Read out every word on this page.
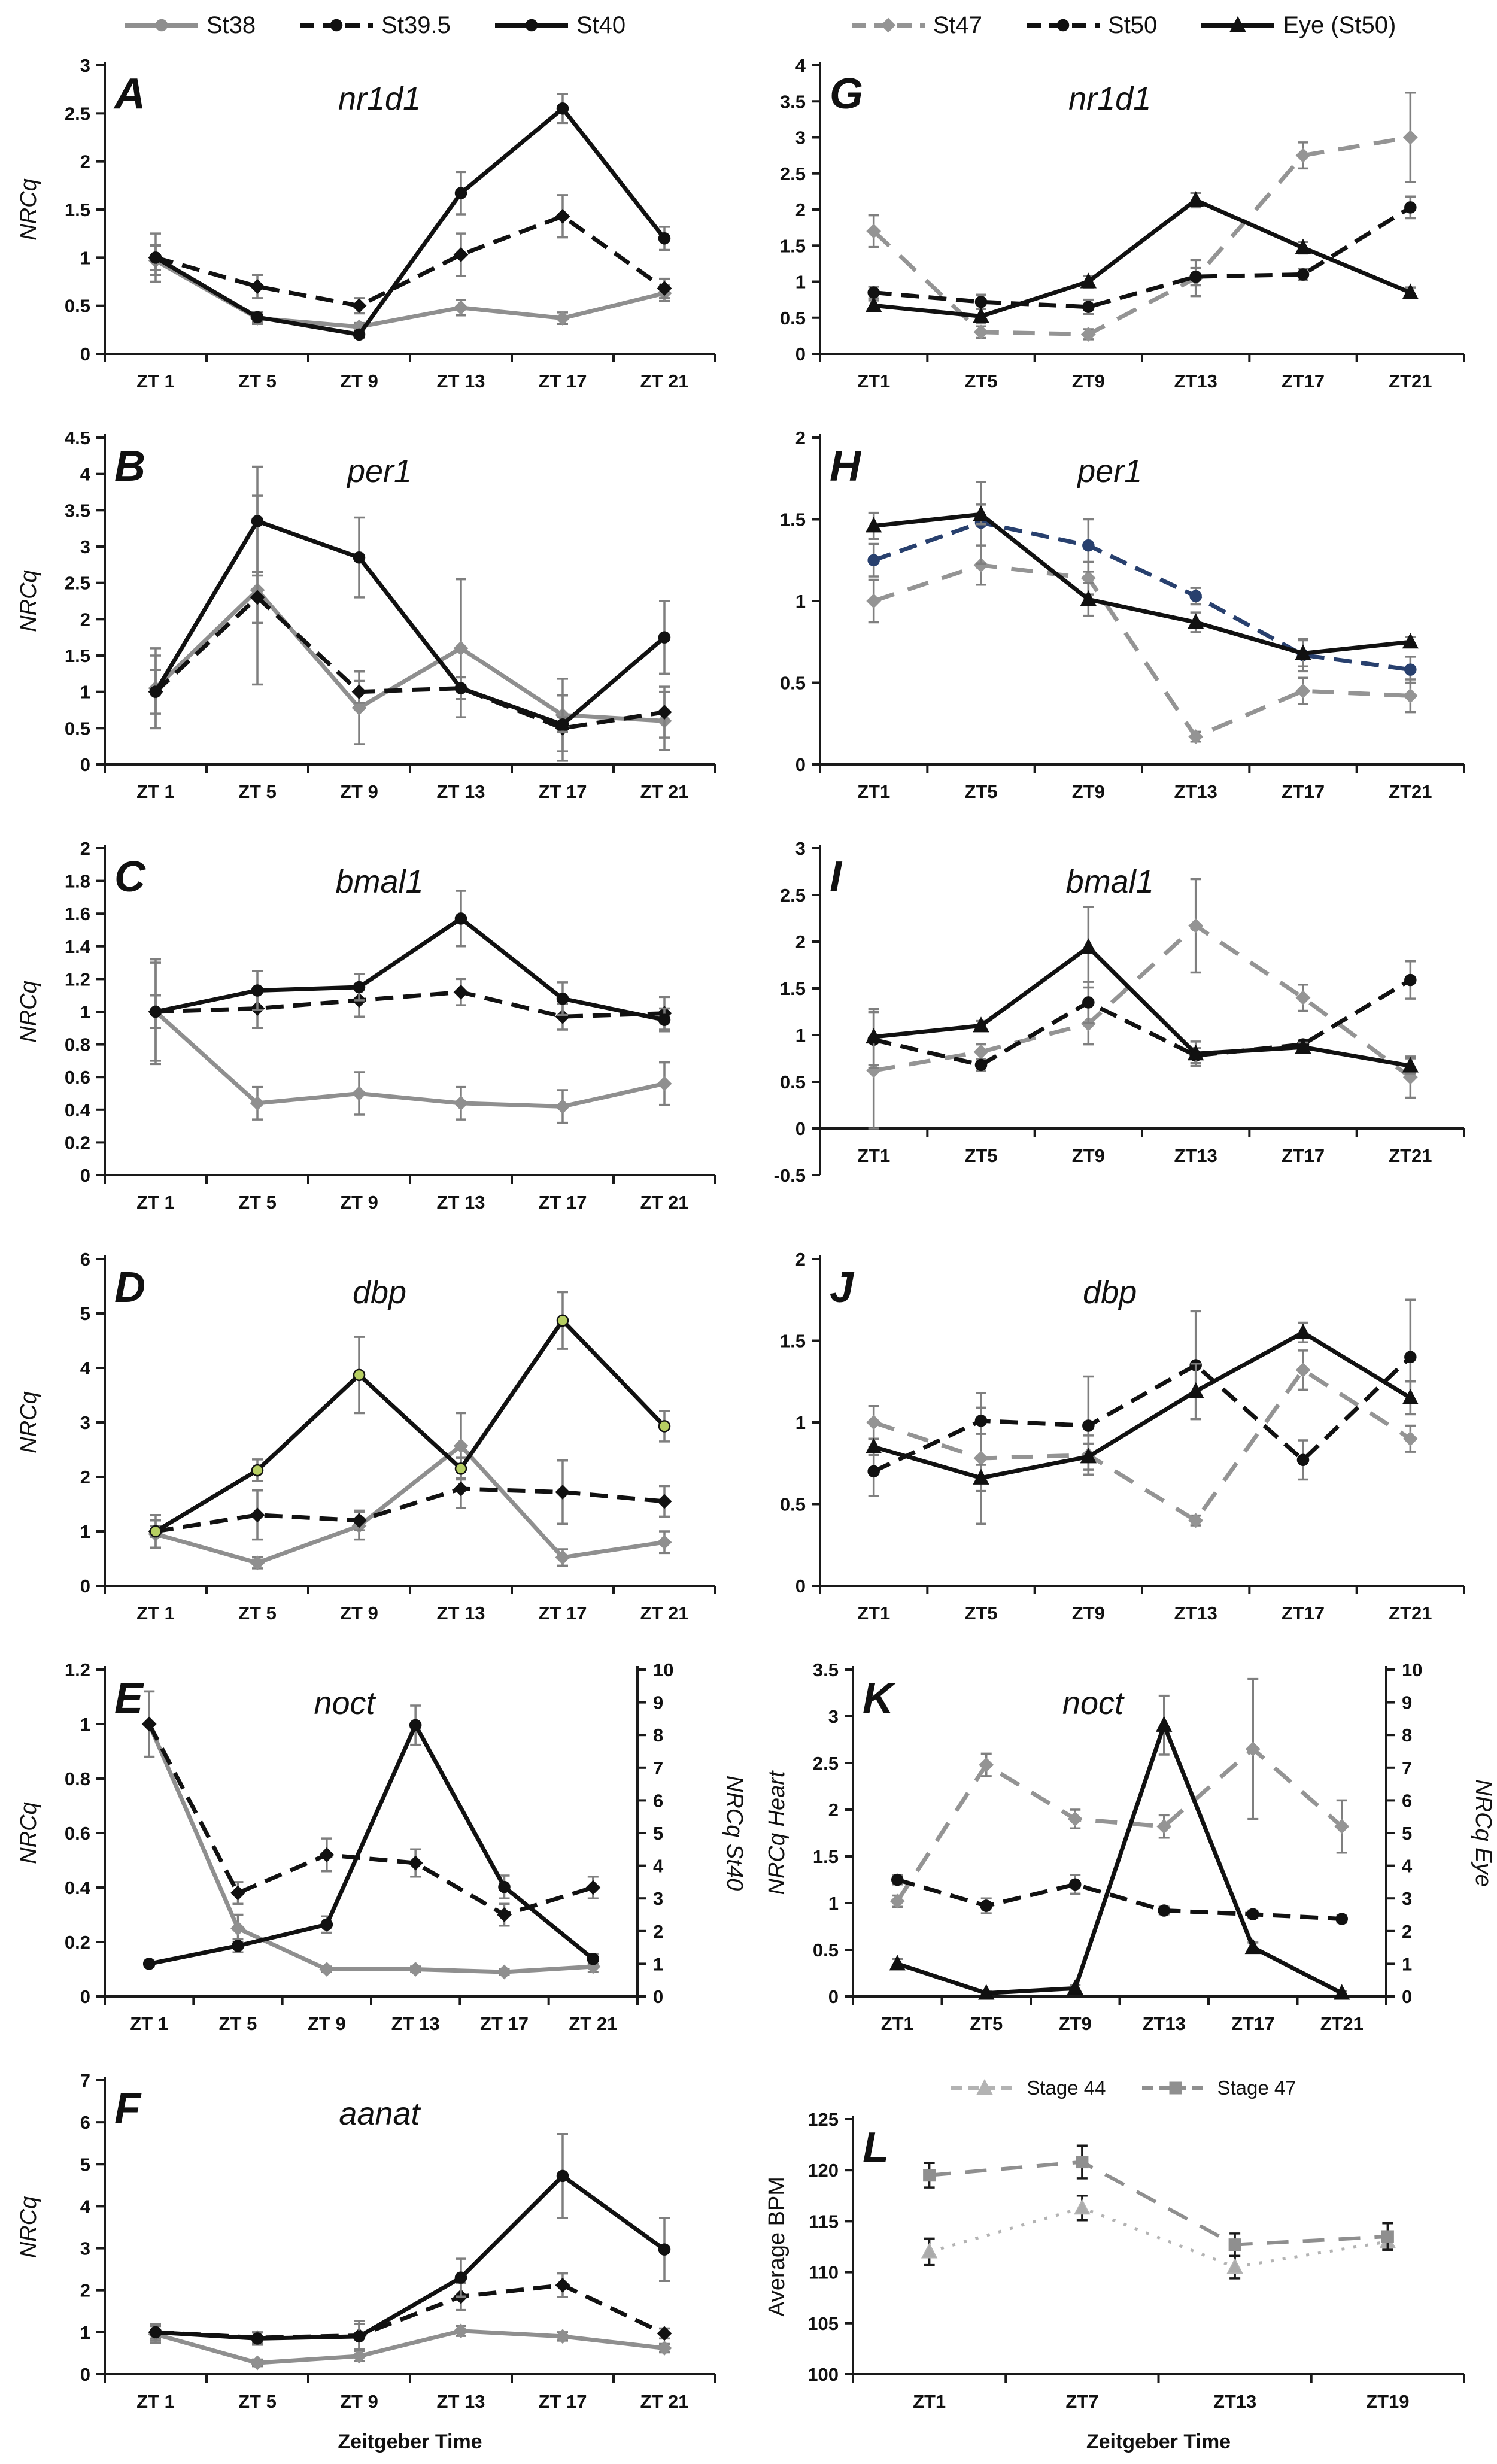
St38	St39.5	St40
0
0.5
1
1.5
2
2.5
3
ZT 1	ZT 5	ZT 9	ZT 13	ZT 17	ZT 21
NRCq
A	nr1d1
St47	St50	Eye (St50)
0
0.5
1
1.5
2
2.5
3
3.5
4
ZT1	ZT5	ZT9	ZT13	ZT17	ZT21
G	nr1d1
0
0.5
1
1.5
2
2.5
3
3.5
4
4.5
ZT 1	ZT 5	ZT 9	ZT 13	ZT 17	ZT 21
NRCq
B	per1
0
0.5
1
1.5
2
ZT1	ZT5	ZT9	ZT13	ZT17	ZT21
H	per1
0
0.2
0.4
0.6
0.8
1
1.2
1.4
1.6
1.8
2
ZT 1	ZT 5	ZT 9	ZT 13	ZT 17	ZT 21
NRCq
C	bmal1
-0.5
0
0.5
1
1.5
2
2.5
3
ZT1	ZT5	ZT9	ZT13	ZT17	ZT21
I	bmal1
0
1
2
3
4
5
6
ZT 1	ZT 5	ZT 9	ZT 13	ZT 17	ZT 21
NRCq
D	dbp
0
0.5
1
1.5
2
ZT1	ZT5	ZT9	ZT13	ZT17	ZT21
J	dbp
0
0.2
0.4
0.6
0.8
1
1.2
0
1
2
3
4
5
6
7
8
9
10
NRCq St40
ZT 1	ZT 5	ZT 9 ZT 13 ZT 17 ZT 21
NRCq
E	noct
0
0.5
1
1.5
2
2.5
3
3.5
0
1
2
3
4
5
6
7
8
9
10
NRCq Eye
ZT1	ZT5	ZT9	ZT13 ZT17 ZT21
NRCq Heart
K	noct
0
1
2
3
4
5
6
7
ZT 1	ZT 5	ZT 9	ZT 13	ZT 17	ZT 21
NRCq
Zeitgeber Time
F	aanat
Stage 44	Stage 47
100
105
110
115
120
125
ZT1	ZT7	ZT13	ZT19
Average BPM
Zeitgeber Time
L
